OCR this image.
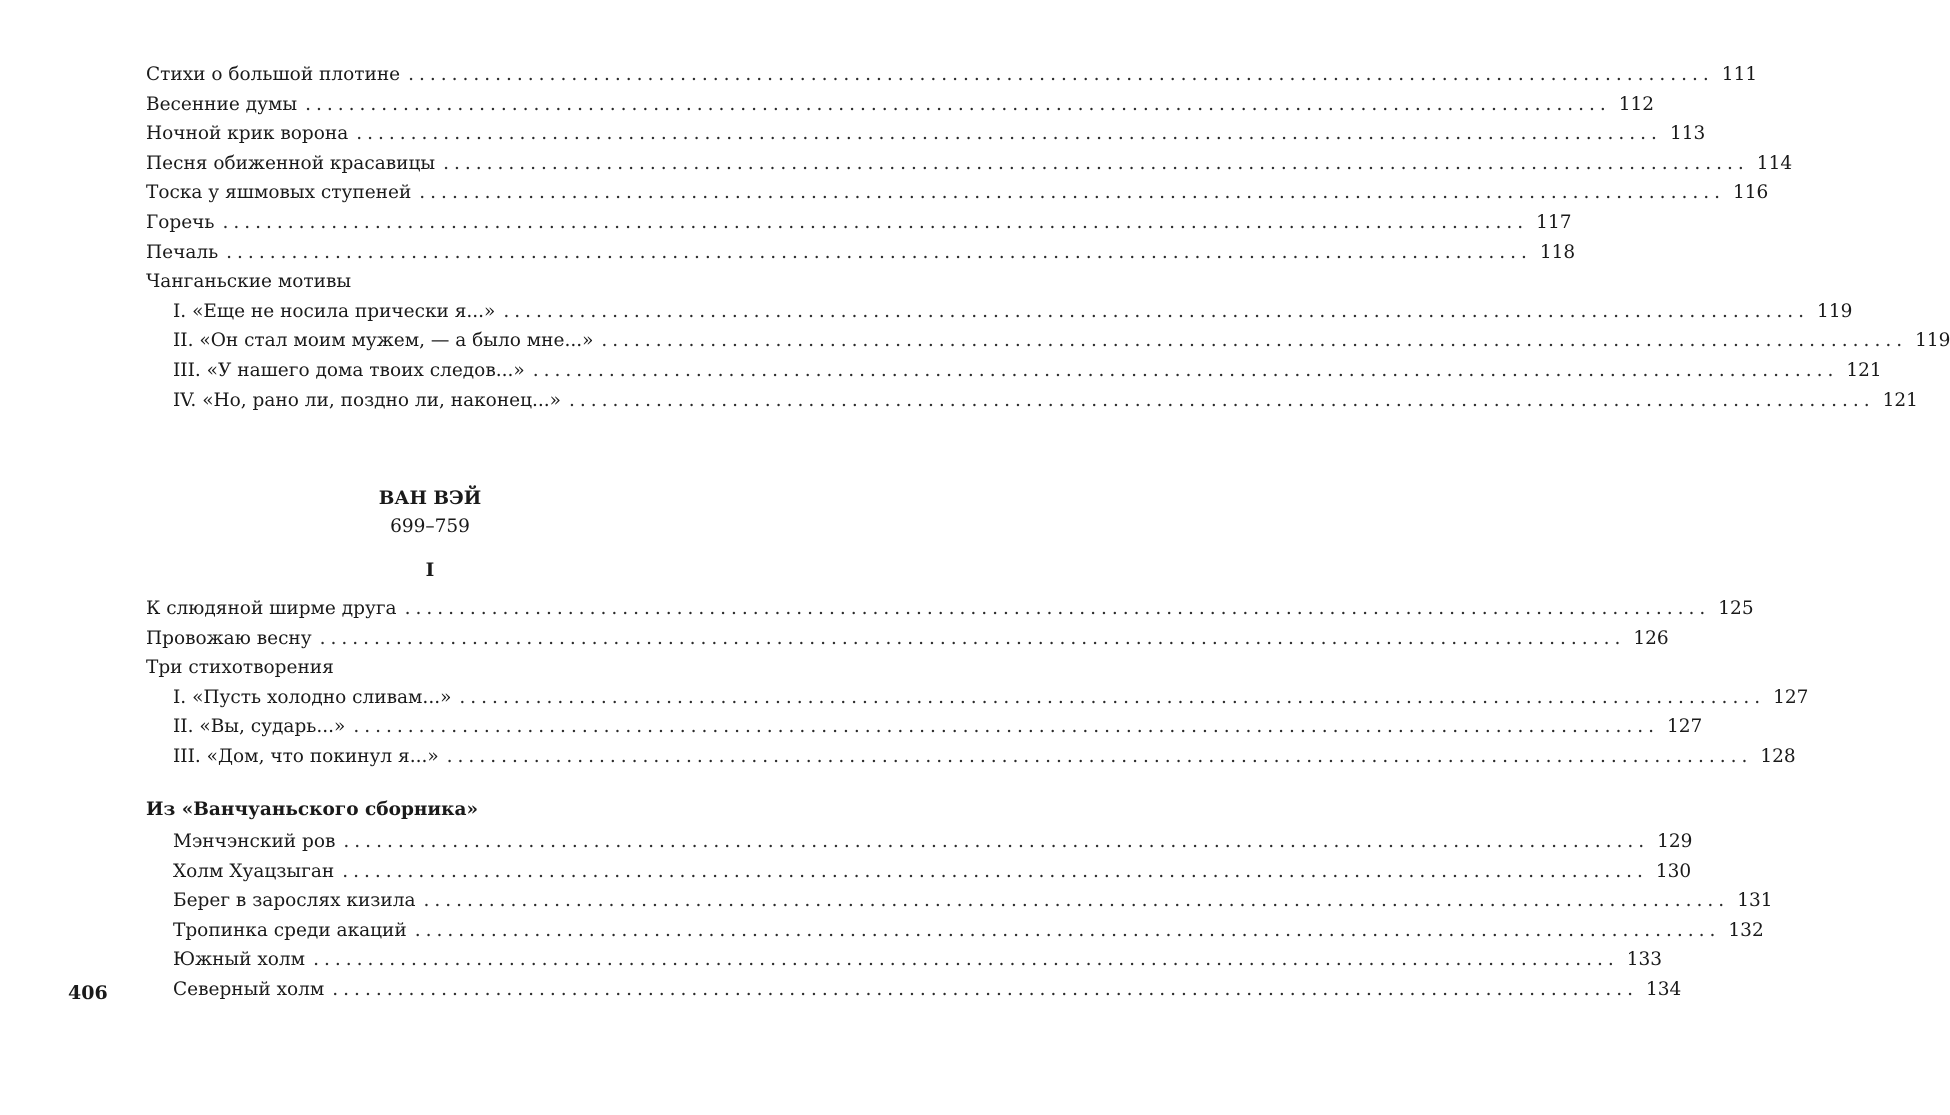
Стихи о большой плотине ........................................................................................................................ 111
Весенние думы ........................................................................................................................ 112
Ночной крик ворона ........................................................................................................................ 113
Песня обиженной красавицы ........................................................................................................................ 114
Тоска у яшмовых ступеней ........................................................................................................................ 116
Горечь ........................................................................................................................ 117
Печаль ........................................................................................................................ 118
Чанганьские мотивы
I. «Еще не носила прически я...» ........................................................................................................................ 119
II. «Он стал моим мужем, — а было мне...» ........................................................................................................................ 119
III. «У нашего дома твоих следов...» ........................................................................................................................ 121
IV. «Но, рано ли, поздно ли, наконец...» ........................................................................................................................ 121
ВАН ВЭЙ
699–759
I
К слюдяной ширме друга ........................................................................................................................ 125
Провожаю весну ........................................................................................................................ 126
Три стихотворения
I. «Пусть холодно сливам...» ........................................................................................................................ 127
II. «Вы, сударь...» ........................................................................................................................ 127
III. «Дом, что покинул я...» ........................................................................................................................ 128
Из «Ванчуаньского сборника»
Мэнчэнский ров ........................................................................................................................ 129
Холм Хуацзыган ........................................................................................................................ 130
Берег в зарослях кизила ........................................................................................................................ 131
Тропинка среди акаций ........................................................................................................................ 132
Южный холм ........................................................................................................................ 133
Северный холм ........................................................................................................................ 134
406
